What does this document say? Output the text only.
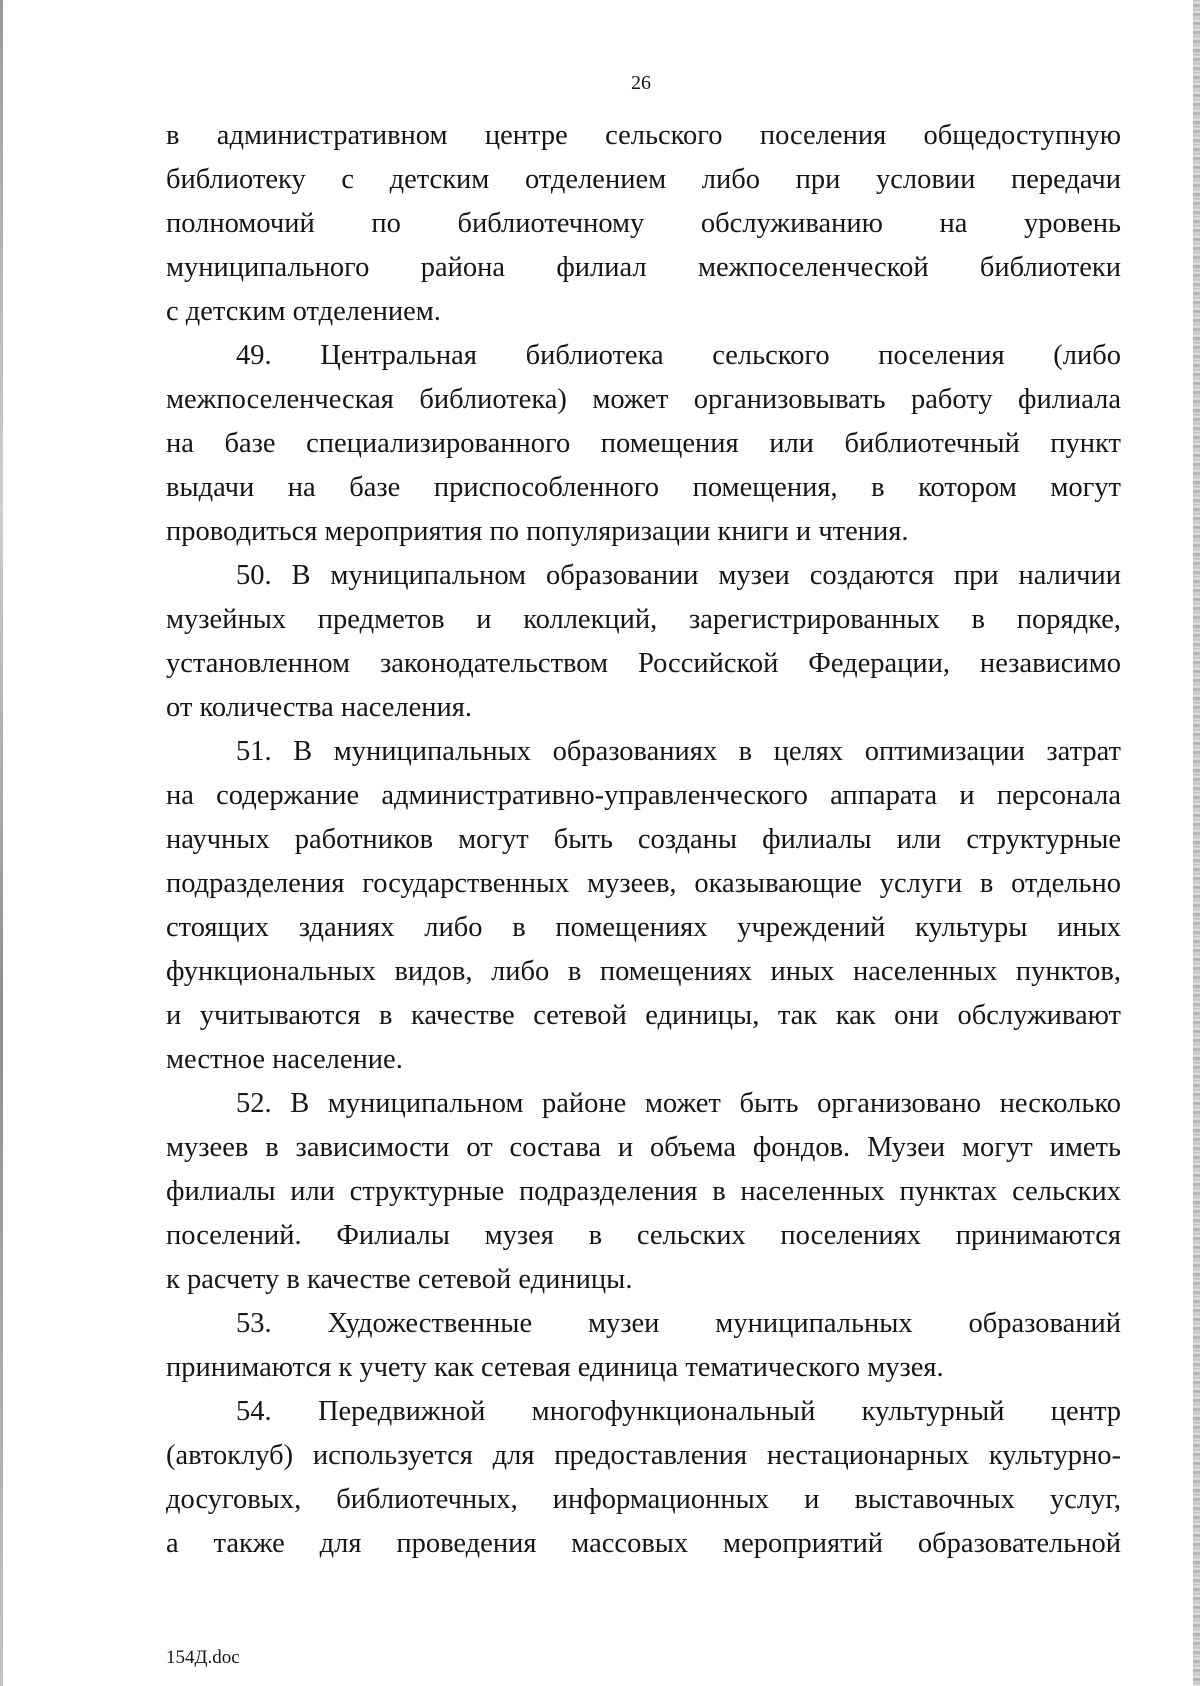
26
в административном центре сельского поселения общедоступную
библиотеку с детским отделением либо при условии передачи
полномочий по библиотечному обслуживанию на уровень
муниципального района филиал межпоселенческой библиотеки
с детским отделением.
49. Центральная библиотека сельского поселения (либо
межпоселенческая библиотека) может организовывать работу филиала
на базе специализированного помещения или библиотечный пункт
выдачи на базе приспособленного помещения, в котором могут
проводиться мероприятия по популяризации книги и чтения.
50. В муниципальном образовании музеи создаются при наличии
музейных предметов и коллекций, зарегистрированных в порядке,
установленном законодательством Российской Федерации, независимо
от количества населения.
51. В муниципальных образованиях в целях оптимизации затрат
на содержание административно-управленческого аппарата и персонала
научных работников могут быть созданы филиалы или структурные
подразделения государственных музеев, оказывающие услуги в отдельно
стоящих зданиях либо в помещениях учреждений культуры иных
функциональных видов, либо в помещениях иных населенных пунктов,
и учитываются в качестве сетевой единицы, так как они обслуживают
местное население.
52. В муниципальном районе может быть организовано несколько
музеев в зависимости от состава и объема фондов. Музеи могут иметь
филиалы или структурные подразделения в населенных пунктах сельских
поселений. Филиалы музея в сельских поселениях принимаются
к расчету в качестве сетевой единицы.
53. Художественные музеи муниципальных образований
принимаются к учету как сетевая единица тематического музея.
54. Передвижной многофункциональный культурный центр
(автоклуб) используется для предоставления нестационарных культурно-
досуговых, библиотечных, информационных и выставочных услуг,
а также для проведения массовых мероприятий образовательной
154Д.doc
